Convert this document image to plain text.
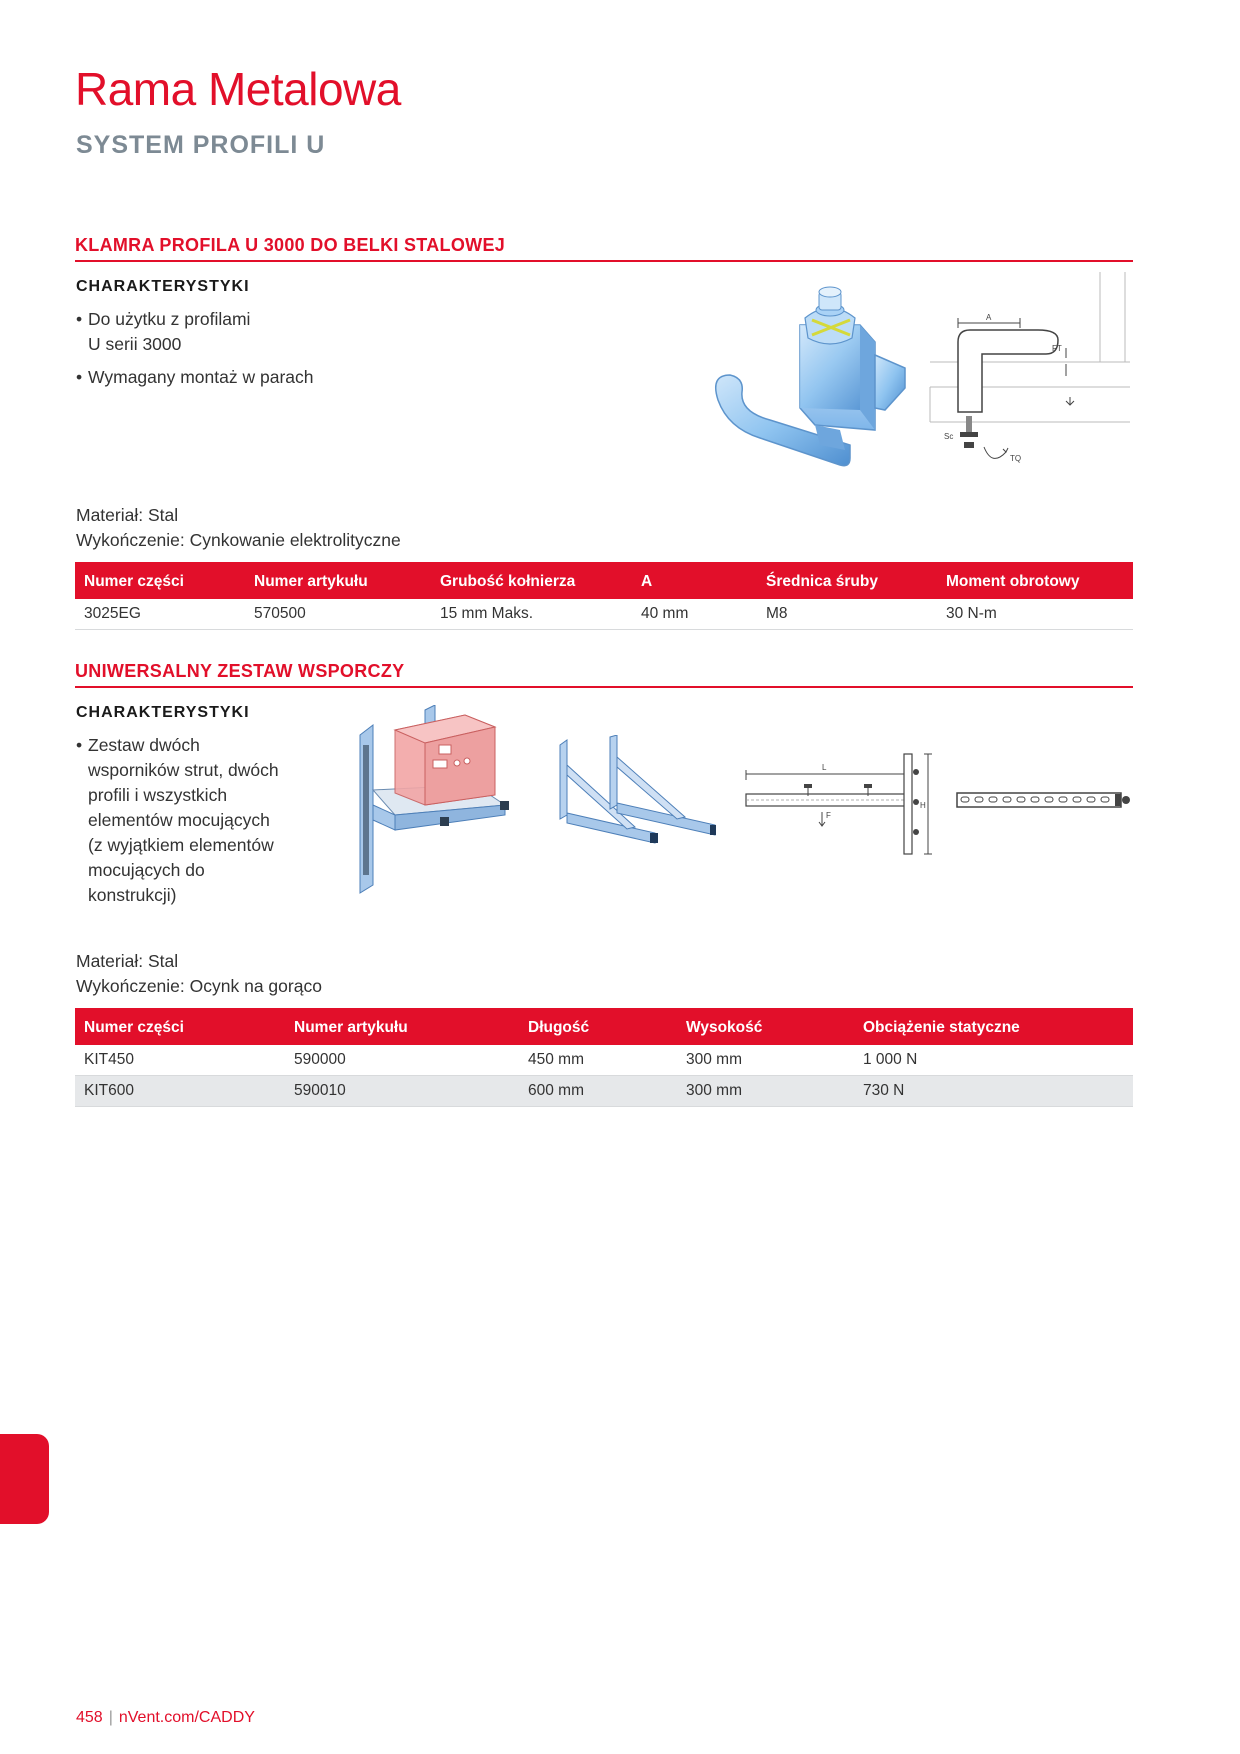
Rama Metalowa
SYSTEM PROFILI U
KLAMRA PROFILA U 3000 DO BELKI STALOWEJ
CHARAKTERYSTYKI
• Do użytku z profilami
U serii 3000
• Wymagany montaż w parach
A
FT
Sc
TQ
Materiał: Stal
Wykończenie: Cynkowanie elektrolityczne
Numer części	Numer artykułu	Grubość kołnierza	A	Średnica śruby	Moment obrotowy
3025EG	570500	15 mm Maks.	40 mm	M8	30 N-m
UNIWERSALNY ZESTAW WSPORCZY
CHARAKTERYSTYKI
• Zestaw dwóch
wsporników strut, dwóch
profili i wszystkich
elementów mocujących
(z wyjątkiem elementów
mocujących do
konstrukcji)
L
H
F
Materiał: Stal
Wykończenie: Ocynk na gorąco
Numer części	Numer artykułu	Długość	Wysokość	Obciążenie statyczne
KIT450	590000	450 mm	300 mm	1 000 N
KIT600	590010	600 mm	300 mm	730 N
458 | nVent.com/CADDY
